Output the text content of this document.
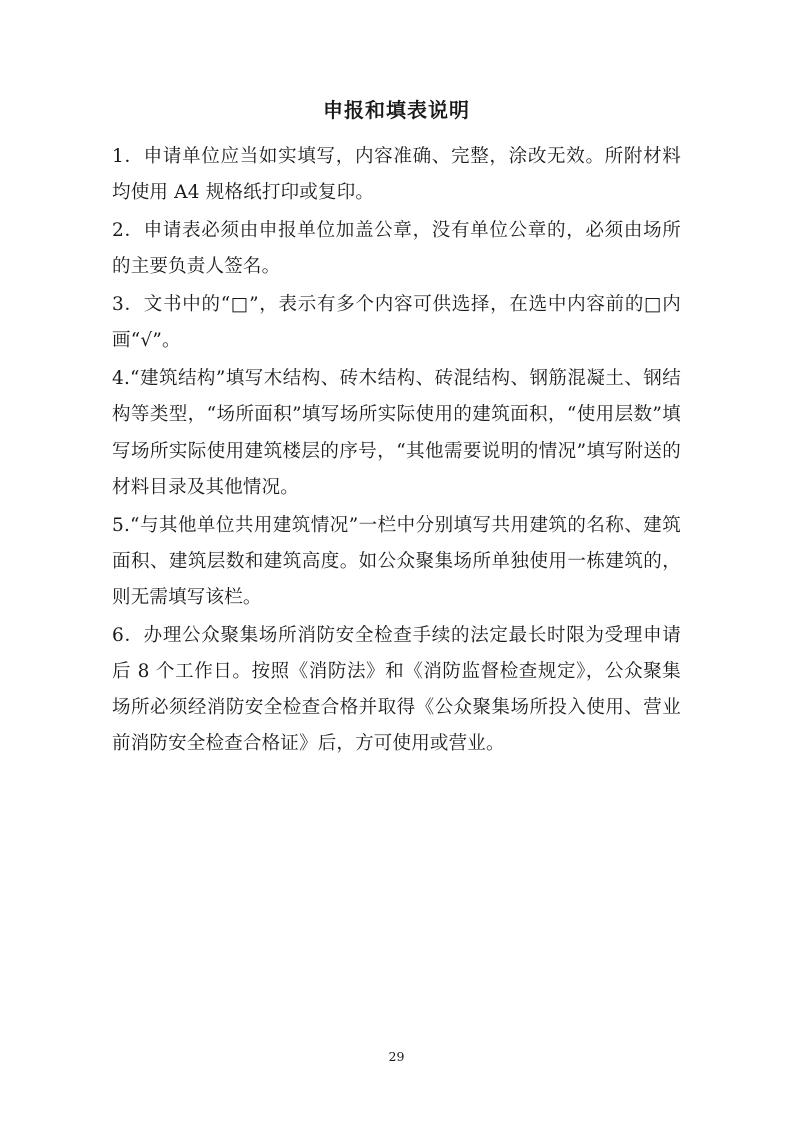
申报和填表说明

1．申请单位应当如实填写，内容准确、完整，涂改无效。所附材料均使用 A4 规格纸打印或复印。

2．申请表必须由申报单位加盖公章，没有单位公章的，必须由场所的主要负责人签名。

3．文书中的“□”，表示有多个内容可供选择，在选中内容前的□内画“√”。

4.“建筑结构”填写木结构、砖木结构、砖混结构、钢筋混凝土、钢结构等类型，“场所面积”填写场所实际使用的建筑面积，“使用层数”填写场所实际使用建筑楼层的序号，“其他需要说明的情况”填写附送的材料目录及其他情况。

5.“与其他单位共用建筑情况”一栏中分别填写共用建筑的名称、建筑面积、建筑层数和建筑高度。如公众聚集场所单独使用一栋建筑的，则无需填写该栏。

6．办理公众聚集场所消防安全检查手续的法定最长时限为受理申请后 8 个工作日。按照《消防法》和《消防监督检查规定》，公众聚集场所必须经消防安全检查合格并取得《公众聚集场所投入使用、营业前消防安全检查合格证》后，方可使用或营业。

29
